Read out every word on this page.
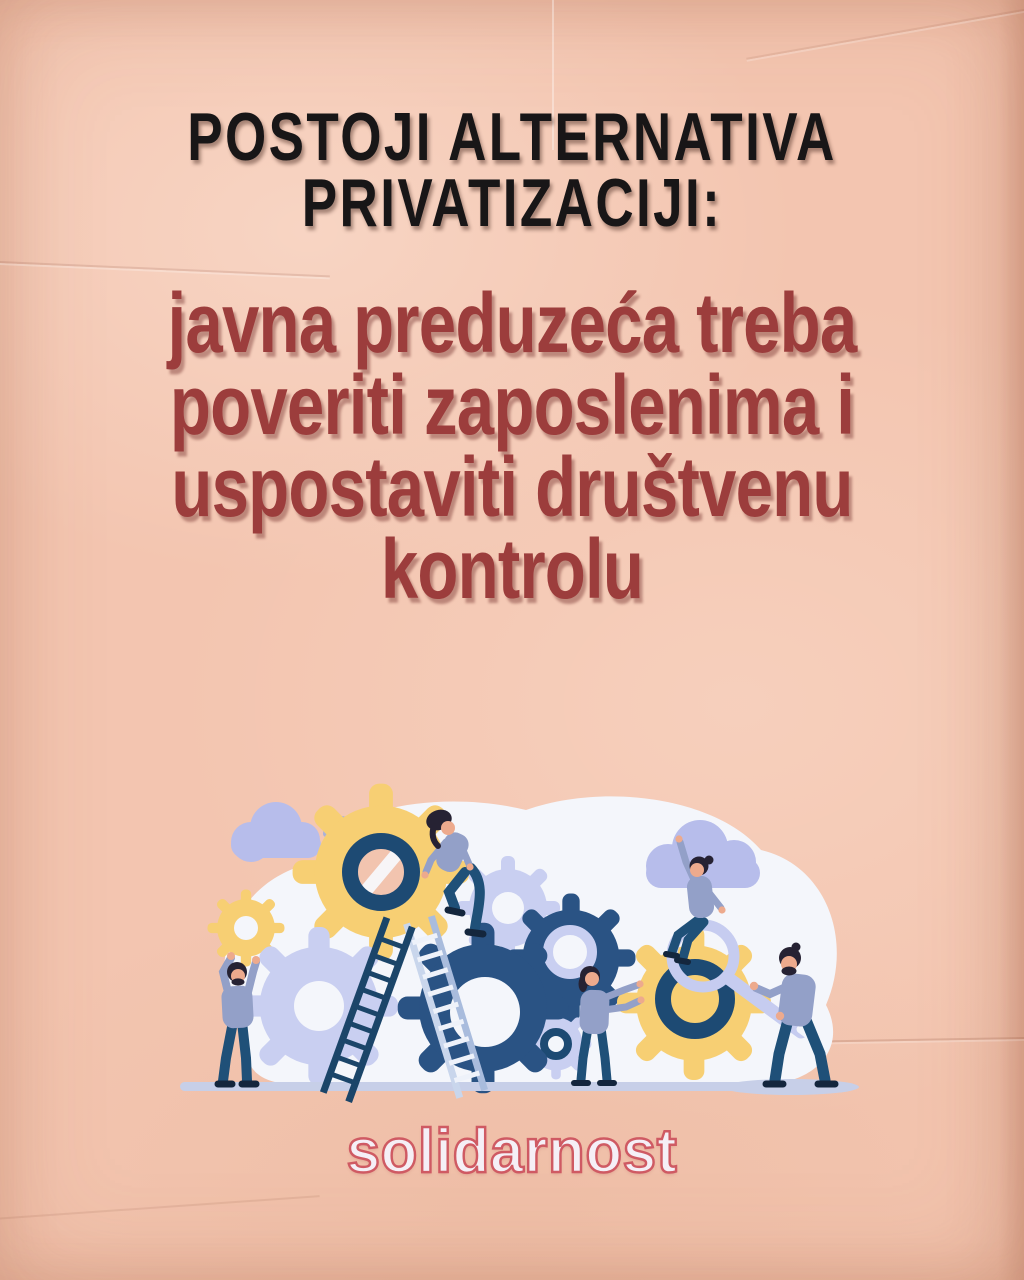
POSTOJI ALTERNATIVA
PRIVATIZACIJI:
javna preduzeća treba
poveriti zaposlenima i
uspostaviti društvenu
kontrolu
solidarnost
